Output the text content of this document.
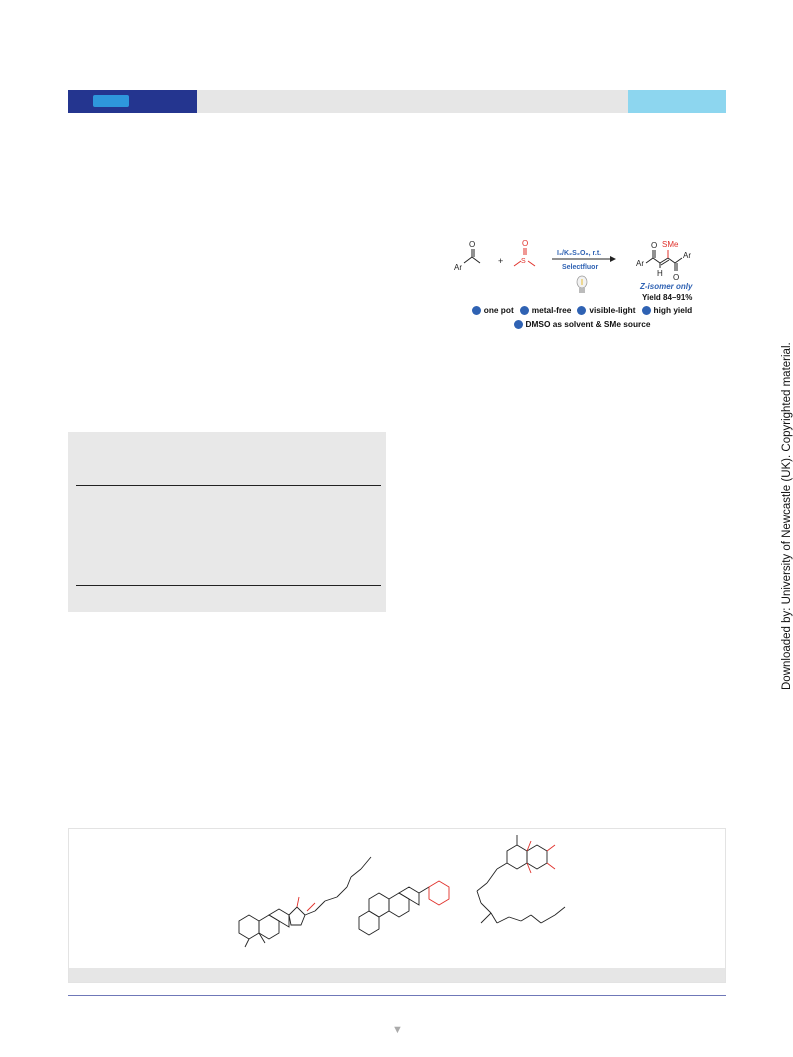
Ar
O
+	S
O
I₂/K₂S₂O₈, r.t.
Selectfluor	Ar
Ar
O
O
H
SMe
Z-isomer only
Yield 84–91%
one pot metal-free visible-light high yield
DMSO as solvent & SMe source
▼
Downloaded by: University of Newcastle (UK). Copyrighted material.
